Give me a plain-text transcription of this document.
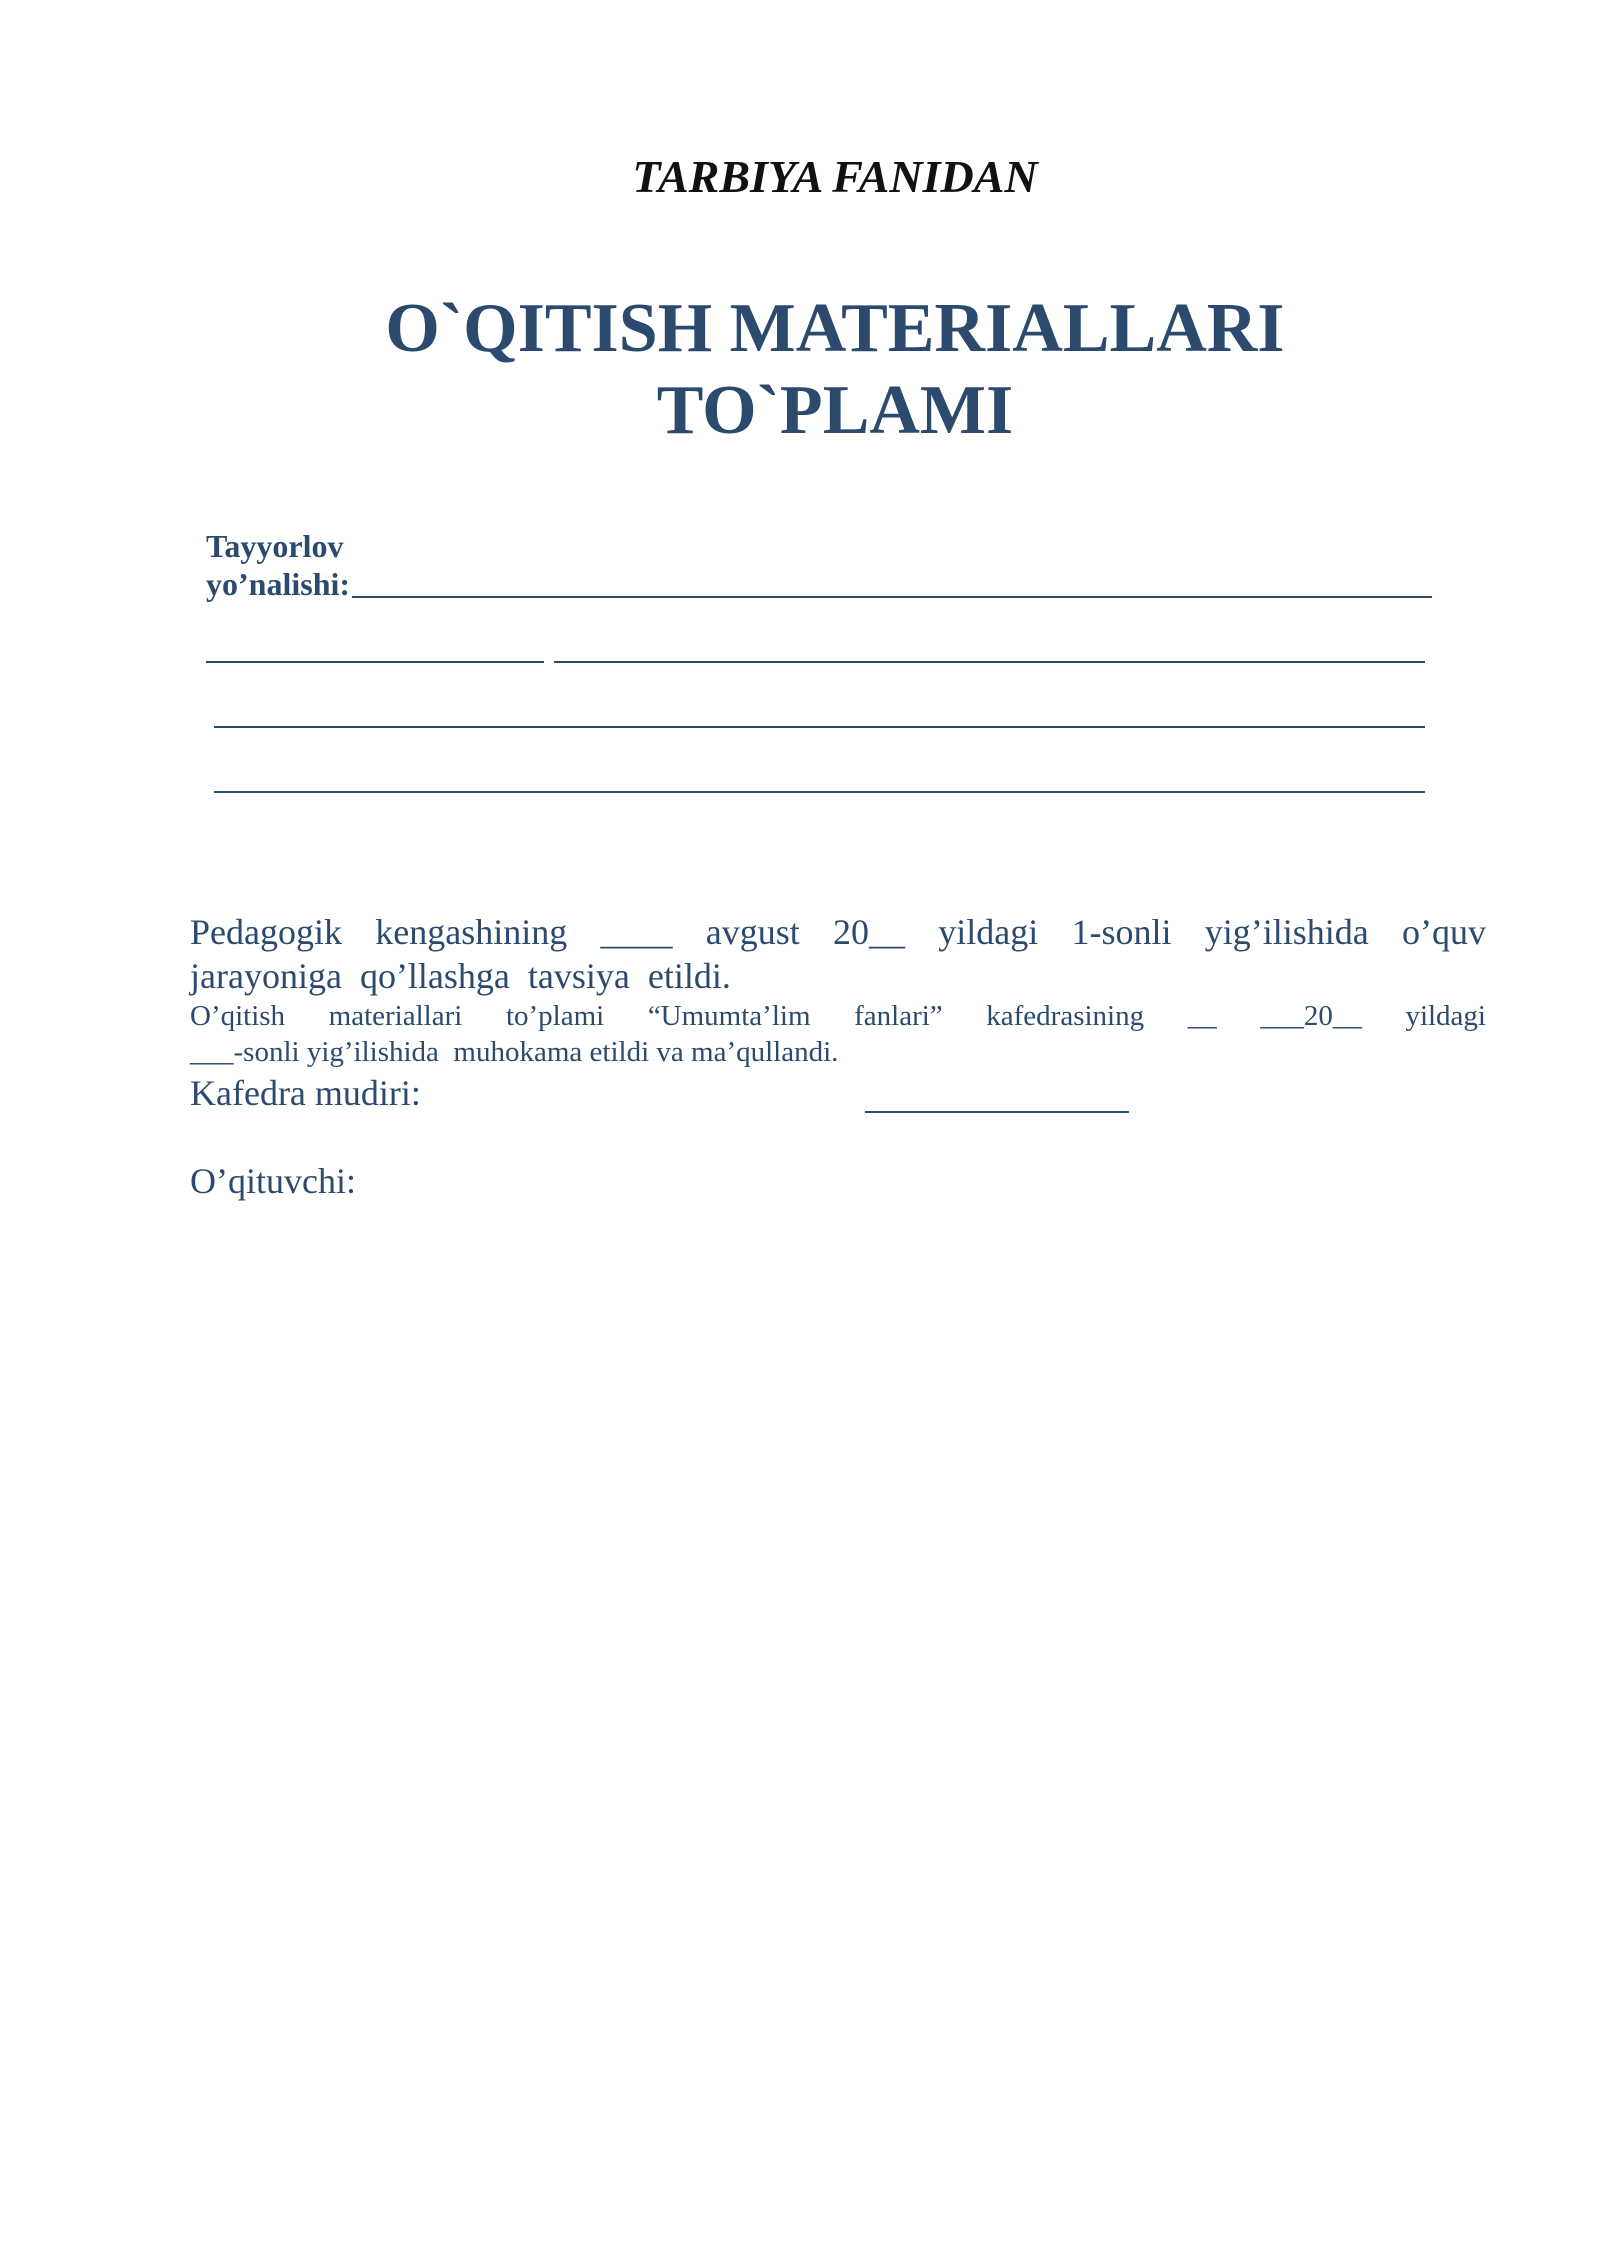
TARBIYA FANIDAN
O`QITISH MATERIALLARI
TO`PLAMI
Tayyorlov
yo’nalishi:
Pedagogik kengashining ____ avgust 20__ yildagi 1-sonli yig’ilishida o’quv
jarayoniga
qo’llashga
tavsiya
etildi.
O’qitish materiallari to’plami “Umumta’lim fanlari” kafedrasining __ ___20__ yildagi
___-sonli
yig’ilishida
muhokama
etildi
va
ma’qullandi.
Kafedra mudiri:
O’qituvchi:
